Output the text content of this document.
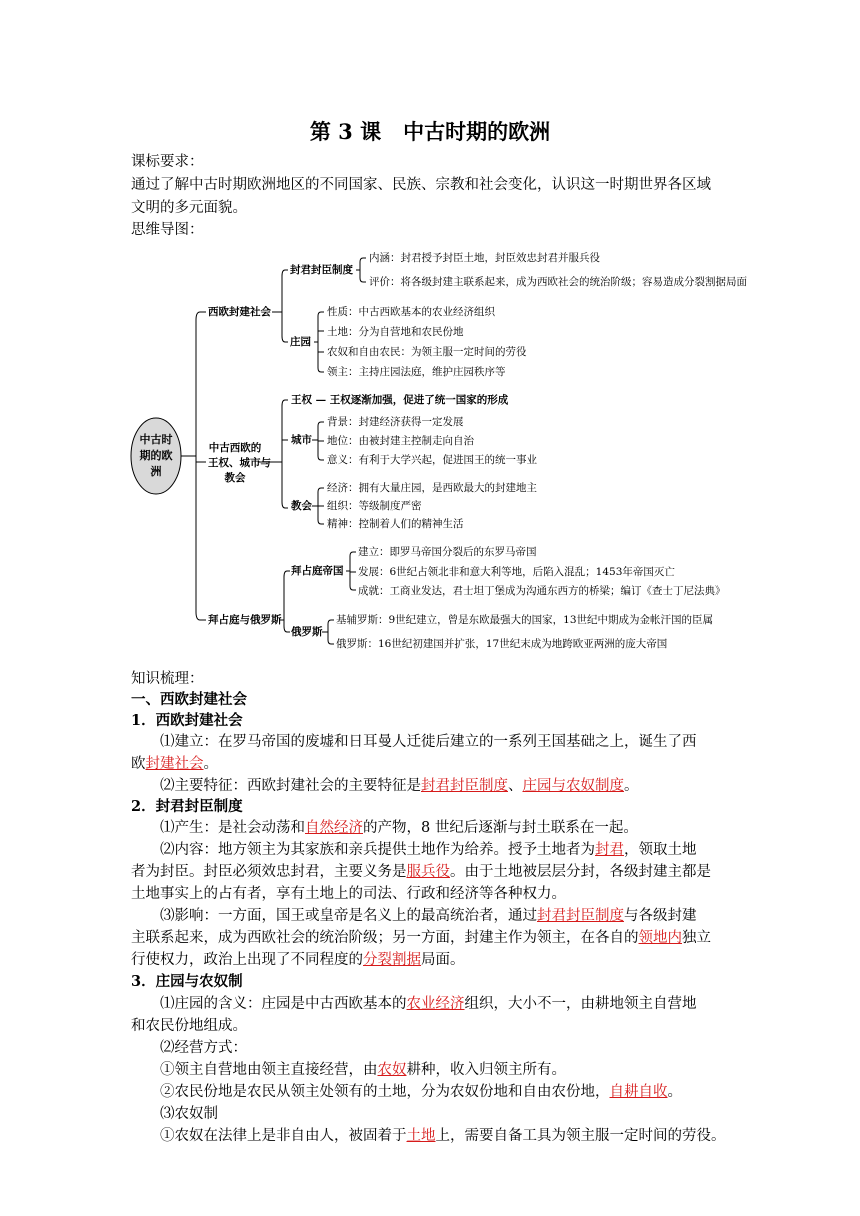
第 3 课 中古时期的欧洲
课标要求：
通过了解中古时期欧洲地区的不同国家、民族、宗教和社会变化，认识这一时期世界各区域
文明的多元面貌。
思维导图：
中古时
期的欧
洲
西欧封建社会
封君封臣制度
内涵：封君授予封臣土地，封臣效忠封君并服兵役
评价：将各级封建主联系起来，成为西欧社会的统治阶级；容易造成分裂割据局面
庄园
性质：中古西欧基本的农业经济组织
土地：分为自营地和农民份地
农奴和自由农民：为领主服一定时间的劳役
领主：主持庄园法庭，维护庄园秩序等
中古西欧的
王权、城市与
教会
王权 — 王权逐渐加强，促进了统一国家的形成
城市
背景：封建经济获得一定发展
地位：由被封建主控制走向自治
意义：有利于大学兴起，促进国王的统一事业
教会
经济：拥有大量庄园，是西欧最大的封建地主
组织：等级制度严密
精神：控制着人们的精神生活
拜占庭与俄罗斯
拜占庭帝国
建立：即罗马帝国分裂后的东罗马帝国
发展：6世纪占领北非和意大利等地，后陷入混乱；1453年帝国灭亡
成就：工商业发达，君士坦丁堡成为沟通东西方的桥梁；编订《查士丁尼法典》
俄罗斯
基辅罗斯：9世纪建立，曾是东欧最强大的国家，13世纪中期成为金帐汗国的臣属
俄罗斯：16世纪初建国并扩张，17世纪末成为地跨欧亚两洲的庞大帝国
知识梳理：
一、西欧封建社会
1．西欧封建社会
⑴建立：在罗马帝国的废墟和日耳曼人迁徙后建立的一系列王国基础之上，诞生了西
欧封建社会。
⑵主要特征：西欧封建社会的主要特征是封君封臣制度、庄园与农奴制度。
2．封君封臣制度
⑴产生：是社会动荡和自然经济的产物，8 世纪后逐渐与封土联系在一起。
⑵内容：地方领主为其家族和亲兵提供土地作为给养。授予土地者为封君，领取土地
者为封臣。封臣必须效忠封君，主要义务是服兵役。由于土地被层层分封，各级封建主都是
土地事实上的占有者，享有土地上的司法、行政和经济等各种权力。
⑶影响：一方面，国王或皇帝是名义上的最高统治者，通过封君封臣制度与各级封建
主联系起来，成为西欧社会的统治阶级；另一方面，封建主作为领主，在各自的领地内独立
行使权力，政治上出现了不同程度的分裂割据局面。
3．庄园与农奴制
⑴庄园的含义：庄园是中古西欧基本的农业经济组织，大小不一，由耕地领主自营地
和农民份地组成。
⑵经营方式：
①领主自营地由领主直接经营，由农奴耕种，收入归领主所有。
②农民份地是农民从领主处领有的土地，分为农奴份地和自由农份地，自耕自收。
⑶农奴制
①农奴在法律上是非自由人，被固着于土地上，需要自备工具为领主服一定时间的劳役。
